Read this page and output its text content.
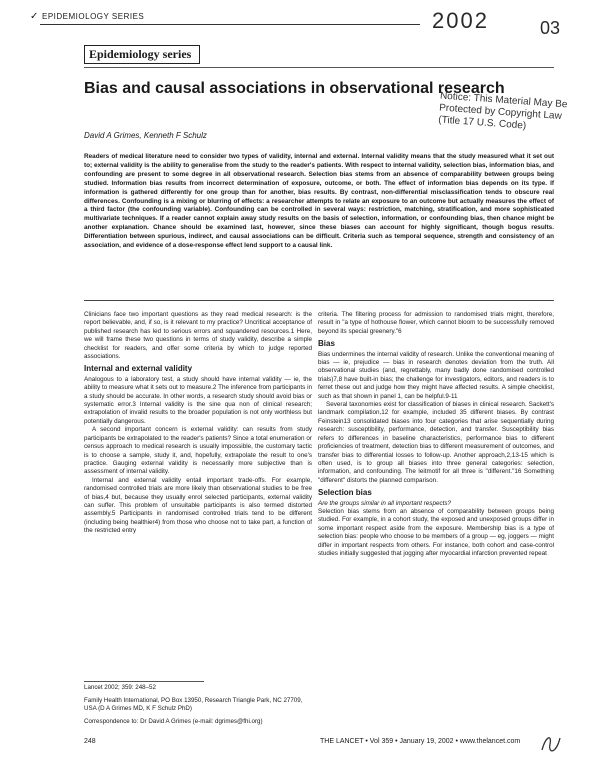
✓ EPIDEMIOLOGY SERIES	2002	03
Epidemiology series
Bias and causal associations in observational research
Notice: This Material May Be Protected by Copyright Law (Title 17 U.S. Code)
David A Grimes, Kenneth F Schulz
Readers of medical literature need to consider two types of validity, internal and external. Internal validity means that the study measured what it set out to; external validity is the ability to generalise from the study to the reader's patients. With respect to internal validity, selection bias, information bias, and confounding are present to some degree in all observational research. Selection bias stems from an absence of comparability between groups being studied. Information bias results from incorrect determination of exposure, outcome, or both. The effect of information bias depends on its type. If information is gathered differently for one group than for another, bias results. By contrast, non-differential misclassification tends to obscure real differences. Confounding is a mixing or blurring of effects: a researcher attempts to relate an exposure to an outcome but actually measures the effect of a third factor (the confounding variable). Confounding can be controlled in several ways: restriction, matching, stratification, and more sophisticated multivariate techniques. If a reader cannot explain away study results on the basis of selection, information, or confounding bias, then chance might be another explanation. Chance should be examined last, however, since these biases can account for highly significant, though bogus results. Differentiation between spurious, indirect, and causal associations can be difficult. Criteria such as temporal sequence, strength and consistency of an association, and evidence of a dose-response effect lend support to a causal link.

Clinicians face two important questions as they read medical research: is the report believable, and, if so, is it relevant to my practice? Uncritical acceptance of published research has led to serious errors and squandered resources.1 Here, we will frame these two questions in terms of study validity, describe a simple checklist for readers, and offer some criteria by which to judge reported associations.

Internal and external validity

Analogous to a laboratory test, a study should have internal validity — ie, the ability to measure what it sets out to measure.2 The inference from participants in a study should be accurate. In other words, a research study should avoid bias or systematic error.3 Internal validity is the sine qua non of clinical research; extrapolation of invalid results to the broader population is not only worthless but potentially dangerous.

A second important concern is external validity: can results from study participants be extrapolated to the reader's patients? Since a total enumeration or census approach to medical research is usually impossible, the customary tactic is to choose a sample, study it, and, hopefully, extrapolate the result to one's practice. Gauging external validity is necessarily more subjective than is assessment of internal validity.

Internal and external validity entail important trade-offs. For example, randomised controlled trials are more likely than observational studies to be free of bias,4 but, because they usually enrol selected participants, external validity can suffer. This problem of unsuitable participants is also termed distorted assembly.5 Participants in randomised controlled trials tend to be different (including being healthier4) from those who choose not to take part, a function of the restricted entry

criteria. The filtering process for admission to randomised trials might, therefore, result in "a type of hothouse flower, which cannot bloom to be successfully removed beyond its special greenery."6

Bias

Bias undermines the internal validity of research. Unlike the conventional meaning of bias — ie, prejudice — bias in research denotes deviation from the truth. All observational studies (and, regrettably, many badly done randomised controlled trials)7,8 have built-in bias; the challenge for investigators, editors, and readers is to ferret these out and judge how they might have affected results. A simple checklist, such as that shown in panel 1, can be helpful.9-11

Several taxonomies exist for classification of biases in clinical research. Sackett's landmark compilation,12 for example, included 35 different biases. By contrast Feinstein13 consolidated biases into four categories that arise sequentially during research: susceptibility, performance, detection, and transfer. Susceptibility bias refers to differences in baseline characteristics, performance bias to different proficiencies of treatment, detection bias to different measurement of outcomes, and transfer bias to differential losses to follow-up. Another approach,2,13-15 which is often used, is to group all biases into three general categories: selection, information, and confounding. The leitmotif for all three is "different."16 Something "different" distorts the planned comparison.

Selection bias

Are the groups similar in all important respects?

Selection bias stems from an absence of comparability between groups being studied. For example, in a cohort study, the exposed and unexposed groups differ in some important respect aside from the exposure. Membership bias is a type of selection bias: people who choose to be members of a group — eg, joggers — might differ in important respects from others. For instance, both cohort and case-control studies initially suggested that jogging after myocardial infarction prevented repeat

Lancet 2002; 359: 248–52

Family Health International, PO Box 13950, Research Triangle Park, NC 27709, USA (D A Grimes MD, K F Schulz PhD)

Correspondence to: Dr David A Grimes (e-mail: dgrimes@fhi.org)

248	THE LANCET • Vol 359 • January 19, 2002 • www.thelancet.com
